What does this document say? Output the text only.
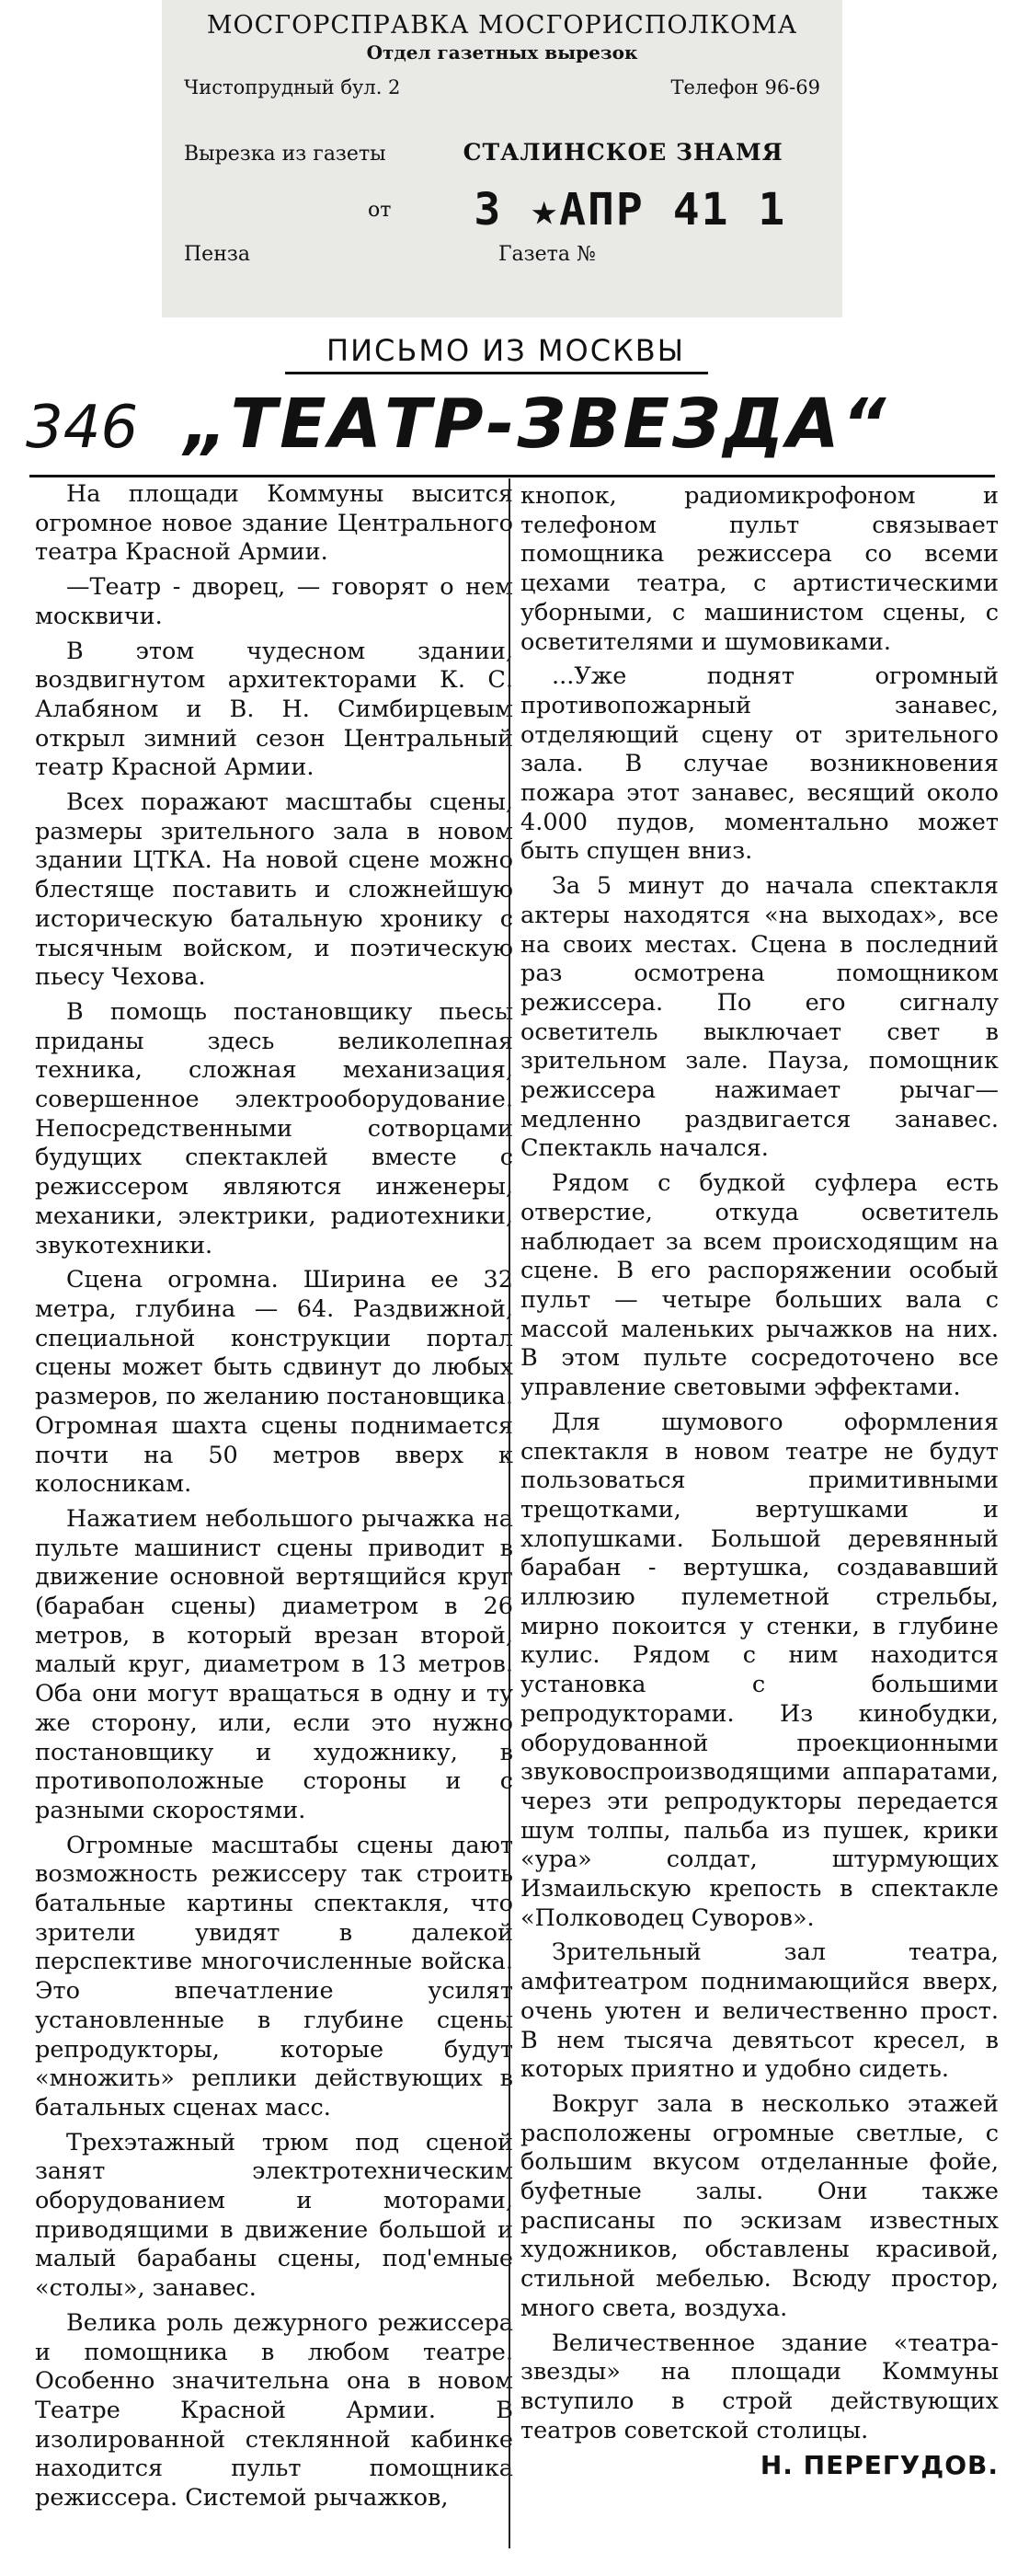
МОСГОРСПРАВКА МОСГОРИСПОЛКОМА
Отдел газетных вырезок
Чистопрудный бул. 2	Телефон 96-69
Вырезка из газеты	СТАЛИНСКОЕ ЗНАМЯ
от 3 ★АПР 41 1
Пенза	Газета №
ПИСЬМО ИЗ МОСКВЫ
346 „ТЕАТР-ЗВЕЗДА“

На площади Коммуны высится огромное новое здание Центрального театра Красной Армии.

—Театр - дворец, — говорят о нем москвичи.

В этом чудесном здании, воздвигнутом архитекторами К. С. Алабяном и В. Н. Симбирцевым открыл зимний сезон Центральный театр Красной Армии.

Всех поражают масштабы сцены, размеры зрительного зала в новом здании ЦТКА. На новой сцене можно блестяще поставить и сложнейшую историческую батальную хронику с тысячным войском, и поэтическую пьесу Чехова.

В помощь постановщику пьесы приданы здесь великолепная техника, сложная механизация, совершенное электрооборудование. Непосредственными сотворцами будущих спектаклей вместе с режиссером являются инженеры, механики, электрики, радиотехники, звукотехники.

Сцена огромна. Ширина ее 32 метра, глубина — 64. Раздвижной, специальной конструкции портал сцены может быть сдвинут до любых размеров, по желанию постановщика. Огромная шахта сцены поднимается почти на 50 метров вверх к колосникам.

Нажатием небольшого рычажка на пульте машинист сцены приводит в движение основной вертящийся круг (барабан сцены) диаметром в 26 метров, в который врезан второй, малый круг, диаметром в 13 метров. Оба они могут вращаться в одну и ту же сторону, или, если это нужно постановщику и художнику, в противоположные стороны и с разными скоростями.

Огромные масштабы сцены дают возможность режиссеру так строить батальные картины спектакля, что зрители увидят в далекой перспективе многочисленные войска. Это впечатление усилят установленные в глубине сцены репродукторы, которые будут «множить» реплики действующих в батальных сценах масс.

Трехэтажный трюм под сценой занят электротехническим оборудованием и моторами, приводящими в движение большой и малый барабаны сцены, под'емные «столы», занавес.

Велика роль дежурного режиссера и помощника в любом театре. Особенно значительна она в новом Театре Красной Армии. В изолированной стеклянной кабинке находится пульт помощника режиссера. Системой рычажков,

кнопок, радиомикрофоном и телефоном пульт связывает помощника режиссера со всеми цехами театра, с артистическими уборными, с машинистом сцены, с осветителями и шумовиками.

...Уже поднят огромный противопожарный занавес, отделяющий сцену от зрительного зала. В случае возникновения пожара этот занавес, весящий около 4.000 пудов, моментально может быть спущен вниз.

За 5 минут до начала спектакля актеры находятся «на выходах», все на своих местах. Сцена в последний раз осмотрена помощником режиссера. По его сигналу осветитель выключает свет в зрительном зале. Пауза, помощник режиссера нажимает рычаг—медленно раздвигается занавес. Спектакль начался.

Рядом с будкой суфлера есть отверстие, откуда осветитель наблюдает за всем происходящим на сцене. В его распоряжении особый пульт — четыре больших вала с массой маленьких рычажков на них. В этом пульте сосредоточено все управление световыми эффектами.

Для шумового оформления спектакля в новом театре не будут пользоваться примитивными трещотками, вертушками и хлопушками. Большой деревянный барабан - вертушка, создававший иллюзию пулеметной стрельбы, мирно покоится у стенки, в глубине кулис. Рядом с ним находится установка с большими репродукторами. Из кинобудки, оборудованной проекционными звуковоспроизводящими аппаратами, через эти репродукторы передается шум толпы, пальба из пушек, крики «ура» солдат, штурмующих Измаильскую крепость в спектакле «Полководец Суворов».

Зрительный зал театра, амфитеатром поднимающийся вверх, очень уютен и величественно прост. В нем тысяча девятьсот кресел, в которых приятно и удобно сидеть.

Вокруг зала в несколько этажей расположены огромные светлые, с большим вкусом отделанные фойе, буфетные залы. Они также расписаны по эскизам известных художников, обставлены красивой, стильной мебелью. Всюду простор, много света, воздуха.

Величественное здание «театра-звезды» на площади Коммуны вступило в строй действующих театров советской столицы.

Н. ПЕРЕГУДОВ.
